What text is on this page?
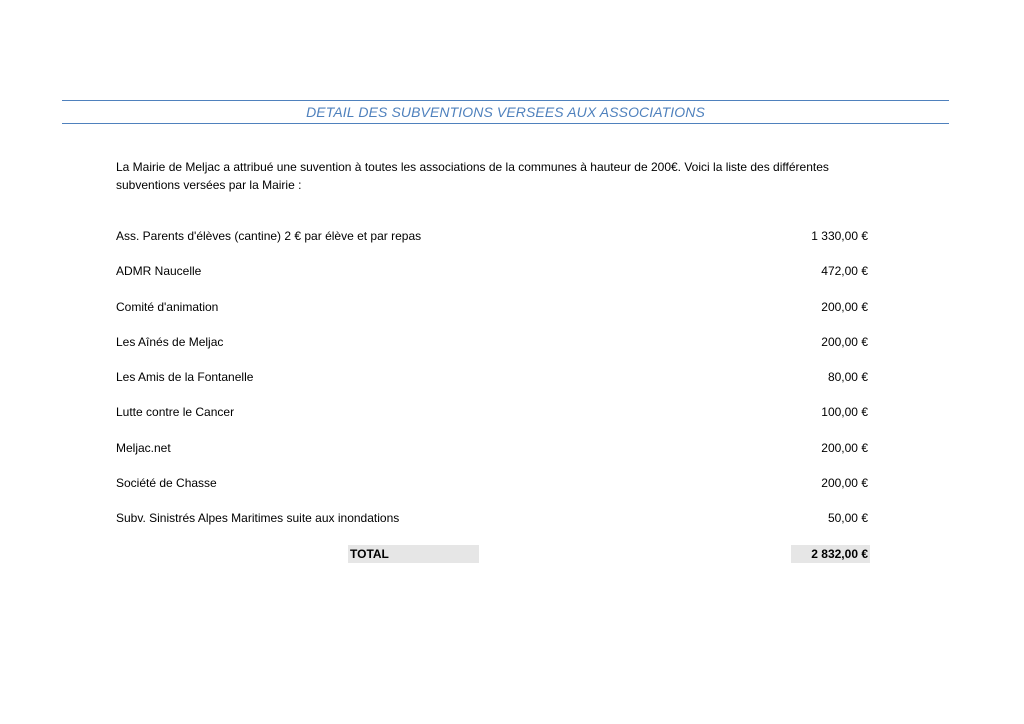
DETAIL DES SUBVENTIONS VERSEES AUX ASSOCIATIONS
La Mairie de Meljac a attribué une suvention à toutes les associations de la communes à hauteur de 200€. Voici la liste des différentes subventions versées par la Mairie :
Ass. Parents d'élèves (cantine) 2 € par élève et par repas	1 330,00 €
ADMR Naucelle	472,00 €
Comité d'animation	200,00 €
Les Aînés de Meljac	200,00 €
Les Amis de la Fontanelle	80,00 €
Lutte contre le Cancer	100,00 €
Meljac.net	200,00 €
Société de Chasse	200,00 €
Subv. Sinistrés Alpes Maritimes suite aux inondations	50,00 €
TOTAL	2 832,00 €
